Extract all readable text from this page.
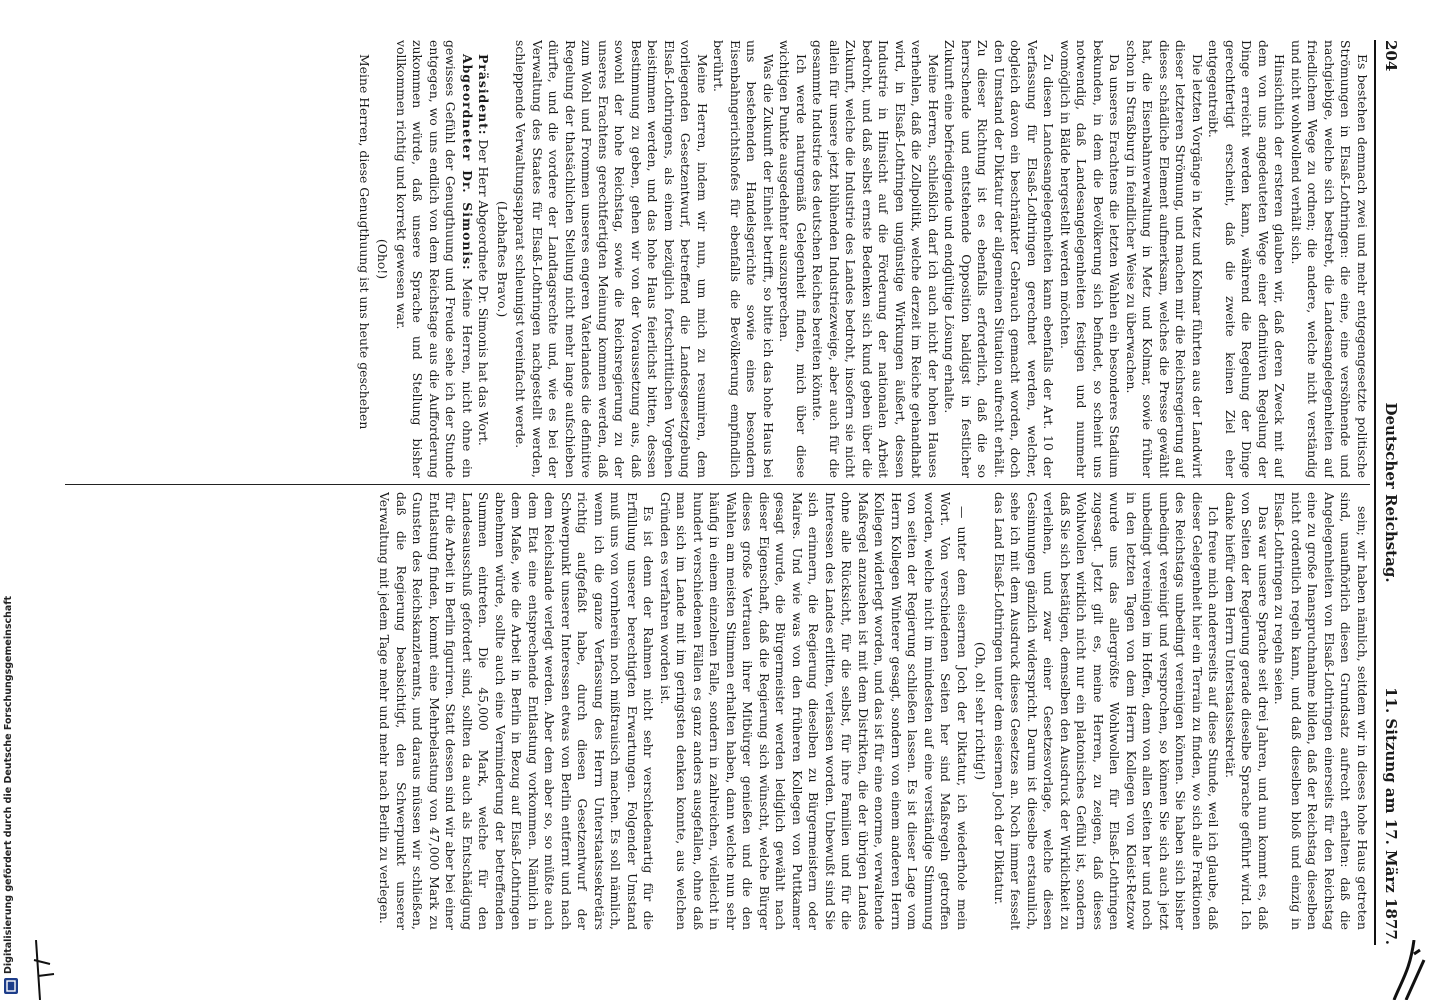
Digitalisierung gefördert durch die Deutsche Forschungsgemeinschaft
204
Deutscher Reichstag.
11. Sitzung am 17. März 1877.

Es bestehen demnach zwei und mehr entgegengesetzte politische Strömungen in Elsaß-Lothringen: die eine, eine versöhnende und nachgiebige, welche sich bestrebt, die Landesangelegenheiten auf friedlichem Wege zu ordnen; die andere, welche nicht verständig und nicht wohlwollend verhält sich.

Hinsichtlich der ersteren glauben wir, daß deren Zweck mit auf dem von uns angedeuteten Wege einer definitiven Regelung der Dinge erreicht werden kann, während die Regelung der Dinge gerechtfertigt erscheint, daß die zweite keinen Ziel eher entgegentreibt.

Die letzten Vorgänge in Metz und Kolmar führten aus der Landwirt dieser letzteren Strömung, und machen mir die Reichsregierung auf dieses schädliche Element aufmerksam, welches die Presse gewählt hat, die Eisenbahnverwaltung in Metz und Kolmar, sowie früher schon in Straßburg in feindlicher Weise zu überwachen.

Da unseres Erachtens die letzten Wahlen ein besonderes Stadium bekunden, in dem die Bevölkerung sich befindet, so scheint uns notwendig, daß Landesangelegenheiten festigen und nunmehr womöglich in Bälde hergestellt werden möchten.

Zu diesen Landesangelegenheiten kann ebenfalls der Art. 10 der Verfassung für Elsaß-Lothringen gerechnet werden, welcher, obgleich davon ein beschränkter Gebrauch gemacht worden, doch den Umstand der Diktatur der allgemeinen Situation aufrecht erhält. Zu dieser Richtung ist es ebenfalls erforderlich, daß die so herrschende und entstehende Opposition baldigst in festlicher Zukunft eine befriedigende und endgültige Lösung erhalte.

Meine Herren, schließlich darf ich auch nicht der hohen Hauses verhehlen, daß die Zollpolitik, welche derzeit im Reiche gehandhabt wird, in Elsaß-Lothringen ungünstige Wirkungen äußert, dessen Industrie in Hinsicht auf die Förderung der nationalen Arbeit bedroht, und daß selbst ernste Bedenken sich kund geben über die Zukunft, welche die Industrie des Landes bedroht, insofern sie nicht allein für unsere jetzt blühenden Industriezweige, aber auch für die gesammte Industrie des deutschen Reiches bereiten könnte.

Ich werde naturgemäß Gelegenheit finden, mich über diese wichtigen Punkte ausgedehnter auszusprechen.

Was die Zukunft der Einheit betrifft, so bitte ich das hohe Haus bei uns bestehenden Handelsgerichte sowie eines besondern Eisenbahngerichtshofes für ebenfalls die Bevölkerung empfindlich berührt.

Meine Herren, indem wir nun, um mich zu resumiren, dem vorliegenden Gesetzentwurf, betreffend die Landesgesetzgebung Elsaß-Lothringens, als einem bezüglich fortschrittlichen Vorgehen beistimmen werden, und das hohe Haus feierlichst bitten, dessen Bestimmung zu geben, gehen wir von der Voraussetzung aus, daß sowohl der hohe Reichstag, sowie die Reichsregierung zu der unseres Erachtens gerechtfertigten Meinung kommen werden, daß zum Wohl und Frommen unseres engeren Vaterlandes die definitive Regelung der thatsächlichen Stellung nicht mehr lange aufschieben dürfte, und die vordere der Landtagsrechte und, wie es bei der Verwaltung des Staates für Elsaß-Lothringen nachgestellt werden, schleppende Verwaltungsapparat schleunigst vereinfacht werde.

(Lebhaftes Bravo.)

Präsident: Der Herr Abgeordnete Dr. Simonis hat das Wort.

Abgeordneter Dr. Simonis: Meine Herren, nicht ohne ein gewisses Gefühl der Genugthuung und Freude sehe ich der Stunde entgegen, wo uns endlich von dem Reichstage aus die Aufforderung zukommen würde, daß unsere Sprache und Stellung bisher vollkommen richtig und korrekt gewesen war.

(Oho!)

Meine Herren, diese Genugthuung ist uns heute geschehen

sein; wir haben nämlich, seitdem wir in dieses hohe Haus getreten sind, unaufhörlich diesen Grundsatz aufrecht erhalten: daß die Angelegenheiten von Elsaß-Lothringen einerseits für den Reichstag eine zu große Inanspruchnahme bilden, daß der Reichstag dieselben nicht ordentlich regeln kann, und daß dieselben bloß und einzig in Elsaß-Lothringen zu regeln seien.

Das war unsere Sprache seit drei Jahren, und nun kommt es, daß von Seiten der Regierung gerade dieselbe Sprache geführt wird. Ich danke hiefür dem Herrn Unterstaatssekretär.

Ich freue mich andererseits auf diese Stunde, weil ich glaube, daß dieser Gelegenheit hier ein Terrain zu finden, wo sich alle Fraktionen des Reichstags unbedingt vereinigen können. Sie haben sich bisher unbedingt vereinigt und versprochen, so können Sie sich auch jetzt unbedingt vereinigen im Hoffen, denn von allen Seiten her und noch in den letzten Tagen von dem Herrn Kollegen von Kleist-Retzow wurde uns das allergrößte Wohlwollen für Elsaß-Lothringen zugesagt. Jetzt gilt es, meine Herren, zu zeigen, daß dieses Wohlwollen wirklich nicht nur ein platonisches Gefühl ist, sondern daß Sie sich bestätigen, demselben den Ausdruck der Wirklichkeit zu verleihen, und zwar einer Gesetzesvorlage, welche diesen Gesinnungen gänzlich widerspricht. Darum ist dieselbe erstaunlich, sehe ich mit dem Ausdruck dieses Gesetzes an. Noch immer fesselt das Land Elsaß-Lothringen unter dem eisernen Joch der Diktatur.

(Oh, oh! sehr richtig!)

— unter dem eisernen Joch der Diktatur, ich wiederhole mein Wort. Von verschiedenen Seiten her sind Maßregeln getroffen worden, welche nicht im mindesten auf eine verständige Stimmung von seiten der Regierung schließen lassen. Es ist dieser Lage vom Herrn Kollegen Winterer gesagt, sondern von einem anderen Herrn Kollegen widerlegt worden, und das ist für eine enorme, verwaltende Maßregel anzusehen ist mit dem Distrikten, die der übrigen Landes ohne alle Rücksicht, für die selbst, für ihre Familien und für die Interessen des Landes erlitten, verlassen worden. Unbewußt sind Sie sich erinnern, die Regierung dieselben zu Bürgermeistern oder Maires. Und wie was von den früheren Kollegen von Puttkamer gesagt wurde, die Bürgermeister werden lediglich gewählt nach dieser Eigenschaft, daß die Regierung sich wünscht, welche Bürger dieses große Vertrauen ihrer Mitbürger genießen und die den Wahlen am meisten Stimmen erhalten haben, dann welche nun sehr häufig in einem einzelnen Falle, sondern in zahlreichen, vielleicht in hundert verschiedenen Fällen es ganz anders ausgefallen, ohne daß man sich im Lande mit im geringsten denken konnte, aus welchen Gründen es verfahren worden ist.

Es ist denn der Rahmen nicht sehr verschiedenartig für die Erfüllung unserer berechtigten Erwartungen. Folgender Umstand muß uns von vornherein noch mißtrauisch machen. Es soll nämlich, wenn ich die ganze Verfassung des Herrn Unterstaatssekretärs richtig aufgefaßt habe, durch diesen Gesetzentwurf der Schwerpunkt unserer Interessen etwas von Berlin entfernt und nach dem Reichslande verlegt werden. Aber dem aber so, so müßte auch dem Etat eine entsprechende Entlastung vorkommen. Nämlich in dem Maße, wie die Arbeit in Berlin in Bezug auf Elsaß-Lothringen abnehmen würde, sollte auch eine Verminderung der betreffenden Summen eintreten. Die 45,000 Mark, welche für den Landesausschuß gefordert sind, sollten da auch als Entschädigung für die Arbeit in Berlin figuriren. Statt dessen sind wir aber bei einer Entlastung finden, kommt eine Mehrbelastung von 47,000 Mark zu Gunsten des Reichskanzleramts, und daraus müssen wir schließen, daß die Regierung beabsichtigt, den Schwerpunkt unserer Verwaltung mit jedem Tage mehr und mehr nach Berlin zu verlegen.
